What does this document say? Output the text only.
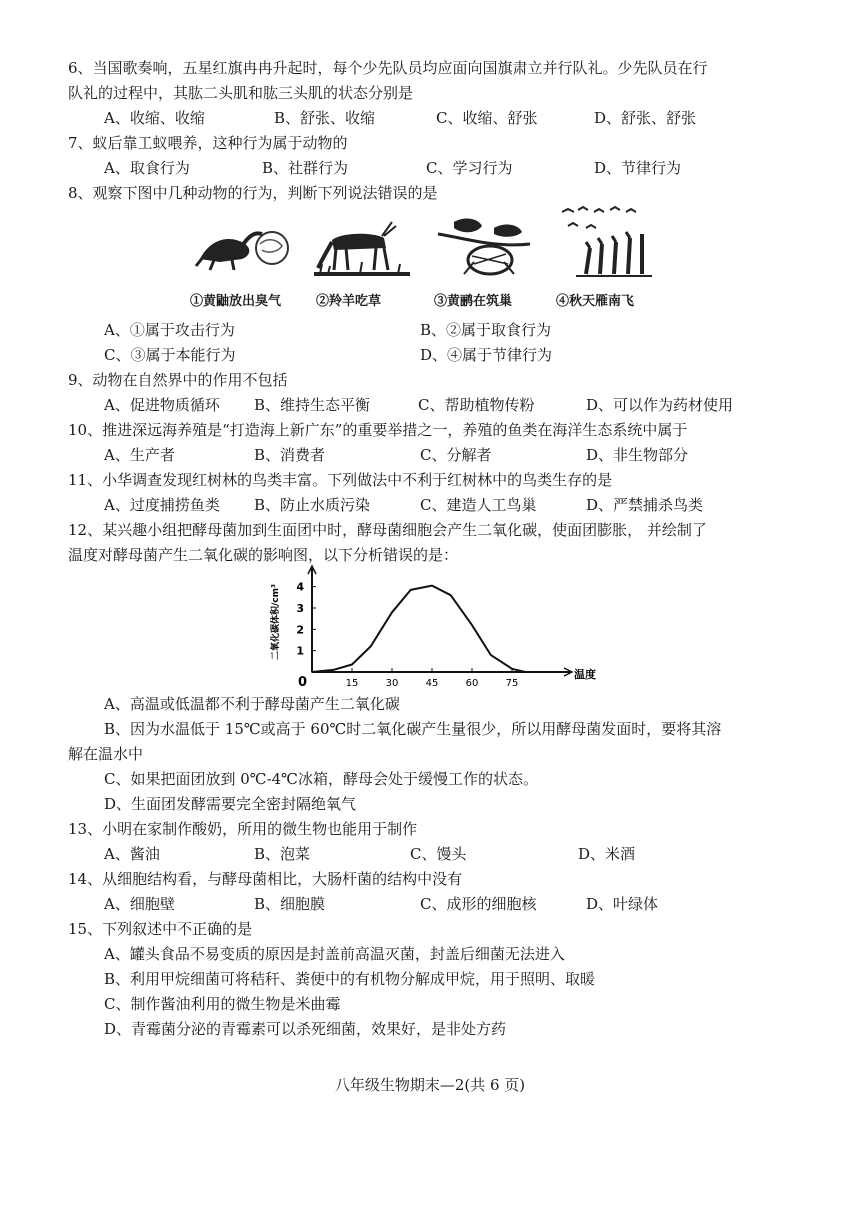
6、当国歌奏响，五星红旗冉冉升起时，每个少先队员均应面向国旗肃立并行队礼。少先队员在行
队礼的过程中，其肱二头肌和肱三头肌的状态分别是
A、收缩、收缩	B、舒张、收缩	C、收缩、舒张	D、舒张、舒张
7、蚁后靠工蚁喂养，这种行为属于动物的
A、取食行为	B、社群行为	C、学习行为	D、节律行为
8、观察下图中几种动物的行为，判断下列说法错误的是
①黄鼬放出臭气	②羚羊吃草	③黄鹂在筑巢	④秋天雁南飞
A、①属于攻击行为	B、②属于取食行为
C、③属于本能行为	D、④属于节律行为
9、动物在自然界中的作用不包括
A、促进物质循环 B、维持生态平衡	C、帮助植物传粉	D、可以作为药材使用
10、推进深远海养殖是“打造海上新广东”的重要举措之一，养殖的鱼类在海洋生态系统中属于
A、生产者	B、消费者	C、分解者	D、非生物部分
11、小华调查发现红树林的鸟类丰富。下列做法中不利于红树林中的鸟类生存的是
A、过度捕捞鱼类 B、防止水质污染	C、建造人工鸟巢	D、严禁捕杀鸟类
12、某兴趣小组把酵母菌加到生面团中时，酵母菌细胞会产生二氧化碳，使面团膨胀， 并绘制了
温度对酵母菌产生二氧化碳的影响图，以下分析错误的是：
15	30	45	60	75
1
2
3
4
0
温度
二氧化碳体积/cm³
A、高温或低温都不利于酵母菌产生二氧化碳
B、因为水温低于 15℃或高于 60℃时二氧化碳产生量很少，所以用酵母菌发面时，要将其溶
解在温水中
C、如果把面团放到 0℃-4℃冰箱，酵母会处于缓慢工作的状态。
D、生面团发酵需要完全密封隔绝氧气
13、小明在家制作酸奶，所用的微生物也能用于制作
A、酱油	B、泡菜	C、馒头	D、米酒
14、从细胞结构看，与酵母菌相比，大肠杆菌的结构中没有
A、细胞壁	B、细胞膜	C、成形的细胞核	D、叶绿体
15、下列叙述中不正确的是
A、罐头食品不易变质的原因是封盖前高温灭菌，封盖后细菌无法进入
B、利用甲烷细菌可将秸秆、粪便中的有机物分解成甲烷，用于照明、取暖
C、制作酱油利用的微生物是米曲霉
D、青霉菌分泌的青霉素可以杀死细菌，效果好，是非处方药
八年级生物期末—2(共 6 页)
